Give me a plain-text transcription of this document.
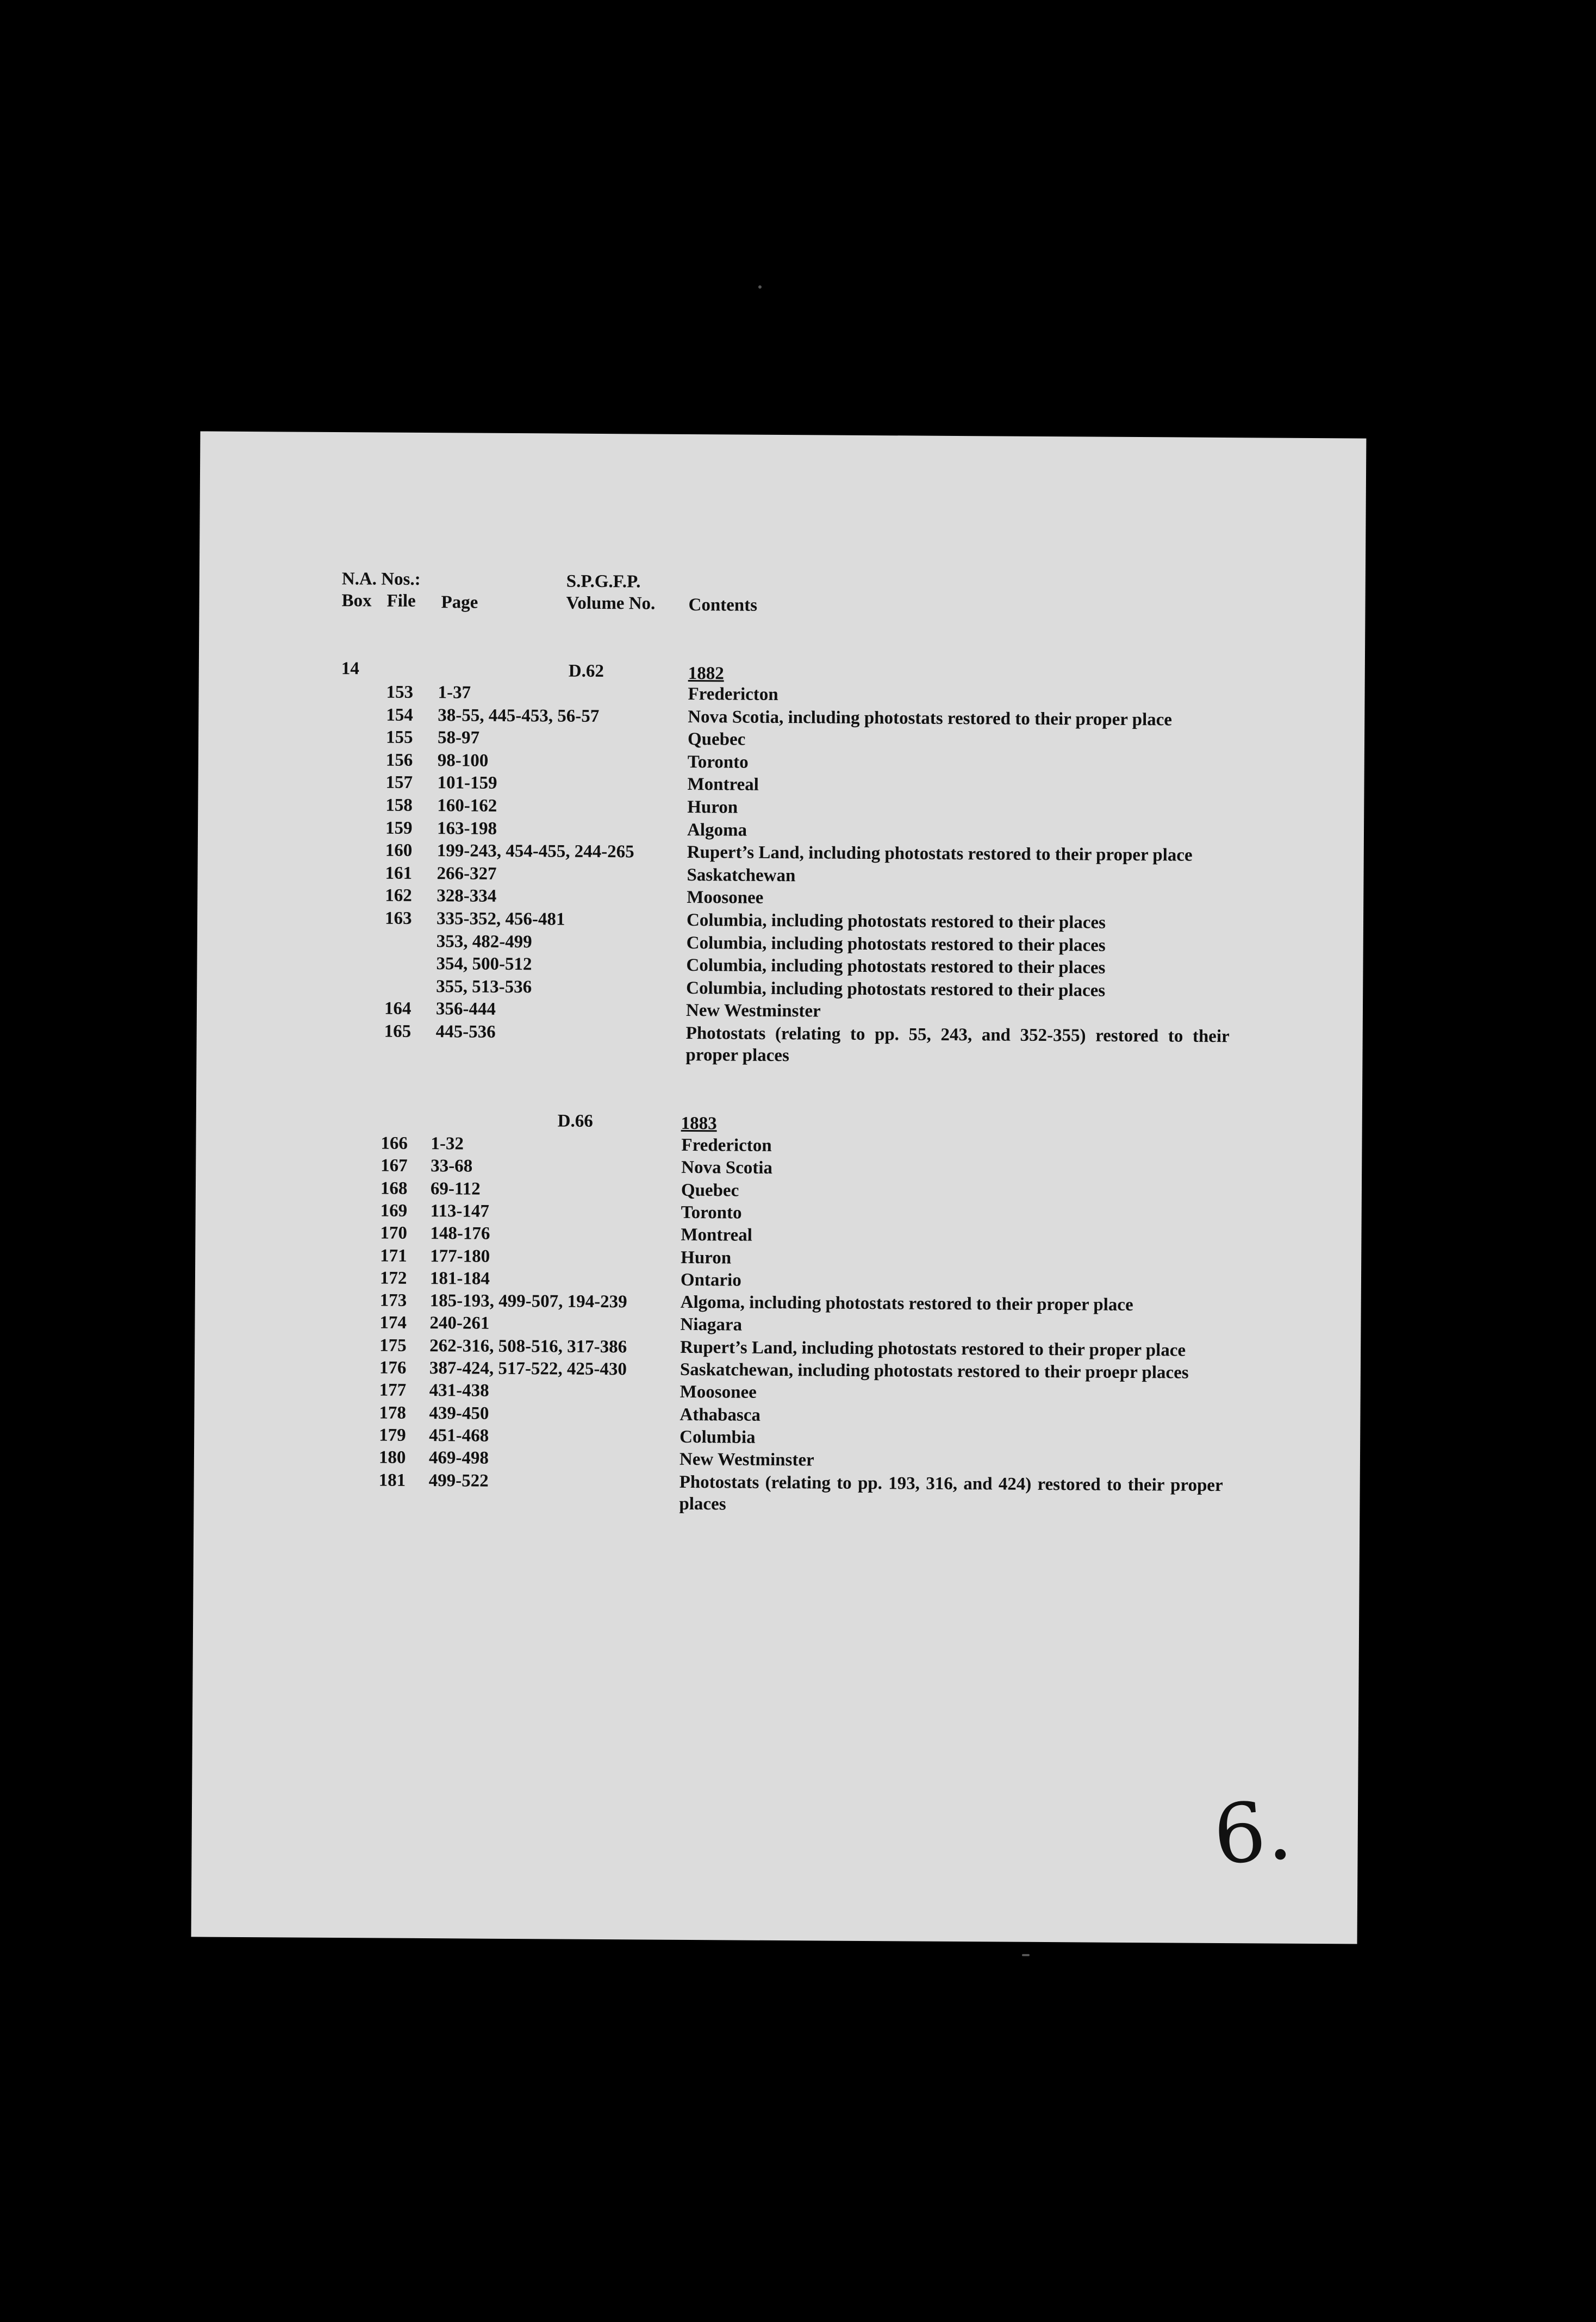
N.A. Nos.:
Box File Page
S.P.G.F.P.
Volume No. Contents
14	D.62	1882
153 1-37	Fredericton
154 38-55, 445-453, 56-57	Nova Scotia, including photostats restored to their proper place
155 58-97	Quebec
156 98-100	Toronto
157 101-159	Montreal
158 160-162	Huron
159 163-198	Algoma
160 199-243, 454-455, 244-265	Rupert’s Land, including photostats restored to their proper place
161 266-327	Saskatchewan
162 328-334	Moosonee
163 335-352, 456-481	Columbia, including photostats restored to their places
353, 482-499	Columbia, including photostats restored to their places
354, 500-512	Columbia, including photostats restored to their places
355, 513-536	Columbia, including photostats restored to their places
164 356-444	New Westminster
165 445-536	Photostats (relating to pp. 55, 243, and 352-355) restored to their proper places
D.66	1883
166 1-32	Fredericton
167 33-68	Nova Scotia
168 69-112	Quebec
169 113-147	Toronto
170 148-176	Montreal
171 177-180	Huron
172 181-184	Ontario
173 185-193, 499-507, 194-239	Algoma, including photostats restored to their proper place
174 240-261	Niagara
175 262-316, 508-516, 317-386	Rupert’s Land, including photostats restored to their proper place
176 387-424, 517-522, 425-430	Saskatchewan, including photostats restored to their proepr places
177 431-438	Moosonee
178 439-450	Athabasca
179 451-468	Columbia
180 469-498	New Westminster
181 499-522	Photostats (relating to pp. 193, 316, and 424) restored to their proper places
6.
